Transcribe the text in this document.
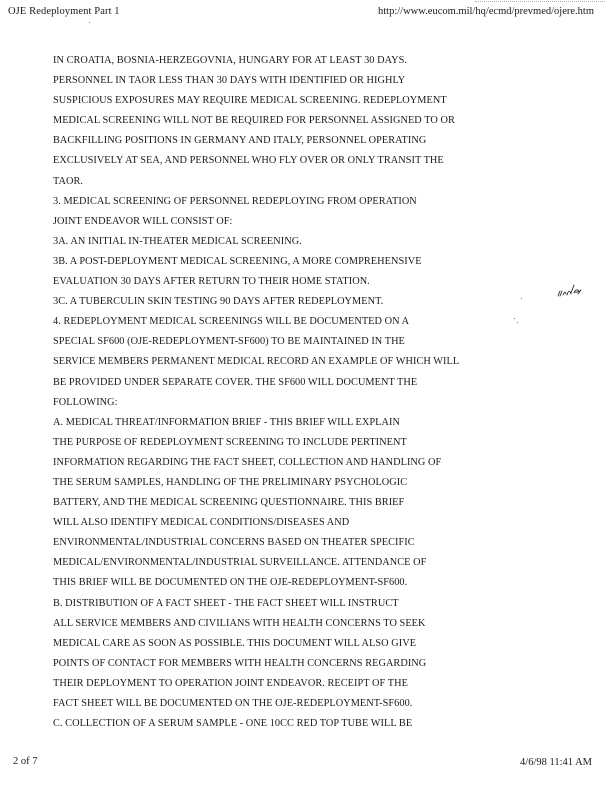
OJE Redeployment Part 1	http://www.eucom.mil/hq/ecmd/prevmed/ojere.htm
IN CROATIA, BOSNIA-HERZEGOVNIA, HUNGARY FOR AT LEAST 30 DAYS.
PERSONNEL IN TAOR LESS THAN 30 DAYS WITH IDENTIFIED OR HIGHLY
SUSPICIOUS EXPOSURES MAY REQUIRE MEDICAL SCREENING. REDEPLOYMENT
MEDICAL SCREENING WILL NOT BE REQUIRED FOR PERSONNEL ASSIGNED TO OR
BACKFILLING POSITIONS IN GERMANY AND ITALY, PERSONNEL OPERATING
EXCLUSIVELY AT SEA, AND PERSONNEL WHO FLY OVER OR ONLY TRANSIT THE
TAOR.
3. MEDICAL SCREENING OF PERSONNEL REDEPLOYING FROM OPERATION
JOINT ENDEAVOR WILL CONSIST OF:
3A. AN INITIAL IN-THEATER MEDICAL SCREENING.
3B. A POST-DEPLOYMENT MEDICAL SCREENING, A MORE COMPREHENSIVE
EVALUATION 30 DAYS AFTER RETURN TO THEIR HOME STATION.
3C. A TUBERCULIN SKIN TESTING 90 DAYS AFTER REDEPLOYMENT.
4. REDEPLOYMENT MEDICAL SCREENINGS WILL BE DOCUMENTED ON A
SPECIAL SF600 (OJE-REDEPLOYMENT-SF600) TO BE MAINTAINED IN THE
SERVICE MEMBERS PERMANENT MEDICAL RECORD AN EXAMPLE OF WHICH WILL
BE PROVIDED UNDER SEPARATE COVER. THE SF600 WILL DOCUMENT THE
FOLLOWING:
A. MEDICAL THREAT/INFORMATION BRIEF - THIS BRIEF WILL EXPLAIN
THE PURPOSE OF REDEPLOYMENT SCREENING TO INCLUDE PERTINENT
INFORMATION REGARDING THE FACT SHEET, COLLECTION AND HANDLING OF
THE SERUM SAMPLES, HANDLING OF THE PRELIMINARY PSYCHOLOGIC
BATTERY, AND THE MEDICAL SCREENING QUESTIONNAIRE. THIS BRIEF
WILL ALSO IDENTIFY MEDICAL CONDITIONS/DISEASES AND
ENVIRONMENTAL/INDUSTRIAL CONCERNS BASED ON THEATER SPECIFIC
MEDICAL/ENVIRONMENTAL/INDUSTRIAL SURVEILLANCE. ATTENDANCE OF
THIS BRIEF WILL BE DOCUMENTED ON THE OJE-REDEPLOYMENT-SF600.
B. DISTRIBUTION OF A FACT SHEET - THE FACT SHEET WILL INSTRUCT
ALL SERVICE MEMBERS AND CIVILIANS WITH HEALTH CONCERNS TO SEEK
MEDICAL CARE AS SOON AS POSSIBLE. THIS DOCUMENT WILL ALSO GIVE
POINTS OF CONTACT FOR MEMBERS WITH HEALTH CONCERNS REGARDING
THEIR DEPLOYMENT TO OPERATION JOINT ENDEAVOR. RECEIPT OF THE
FACT SHEET WILL BE DOCUMENTED ON THE OJE-REDEPLOYMENT-SF600.
C. COLLECTION OF A SERUM SAMPLE - ONE 10CC RED TOP TUBE WILL BE
2 of 7	4/6/98 11:41 AM
